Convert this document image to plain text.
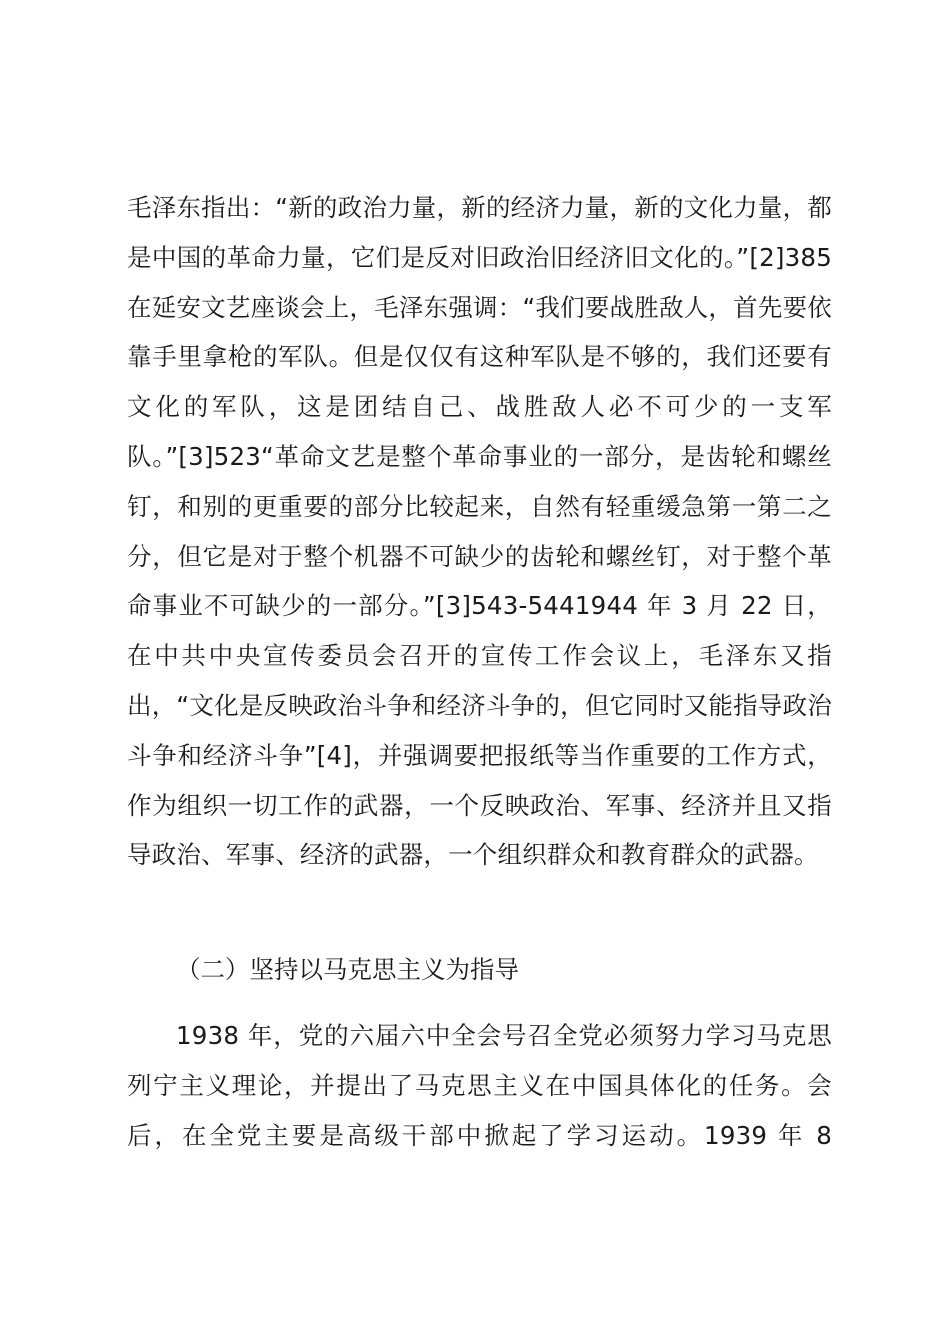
毛泽东指出：“新的政治力量，新的经济力量，新的文化力量，都是中国的革命力量，它们是反对旧政治旧经济旧文化的。”[2]385 在延安文艺座谈会上，毛泽东强调：“我们要战胜敌人，首先要依靠手里拿枪的军队。但是仅仅有这种军队是不够的，我们还要有文化的军队，这是团结自己、战胜敌人必不可少的一支军队。”[3]523“革命文艺是整个革命事业的一部分，是齿轮和螺丝钉，和别的更重要的部分比较起来，自然有轻重缓急第一第二之分，但它是对于整个机器不可缺少的齿轮和螺丝钉，对于整个革命事业不可缺少的一部分。”[3]543-5441944 年 3 月 22 日，在中共中央宣传委员会召开的宣传工作会议上，毛泽东又指出，“文化是反映政治斗争和经济斗争的，但它同时又能指导政治斗争和经济斗争”[4]，并强调要把报纸等当作重要的工作方式，作为组织一切工作的武器，一个反映政治、军事、经济并且又指导政治、军事、经济的武器，一个组织群众和教育群众的武器。

（二）坚持以马克思主义为指导

1938 年，党的六届六中全会号召全党必须努力学习马克思列宁主义理论，并提出了马克思主义在中国具体化的任务。会后，在全党主要是高级干部中掀起了学习运动。1939 年 8
